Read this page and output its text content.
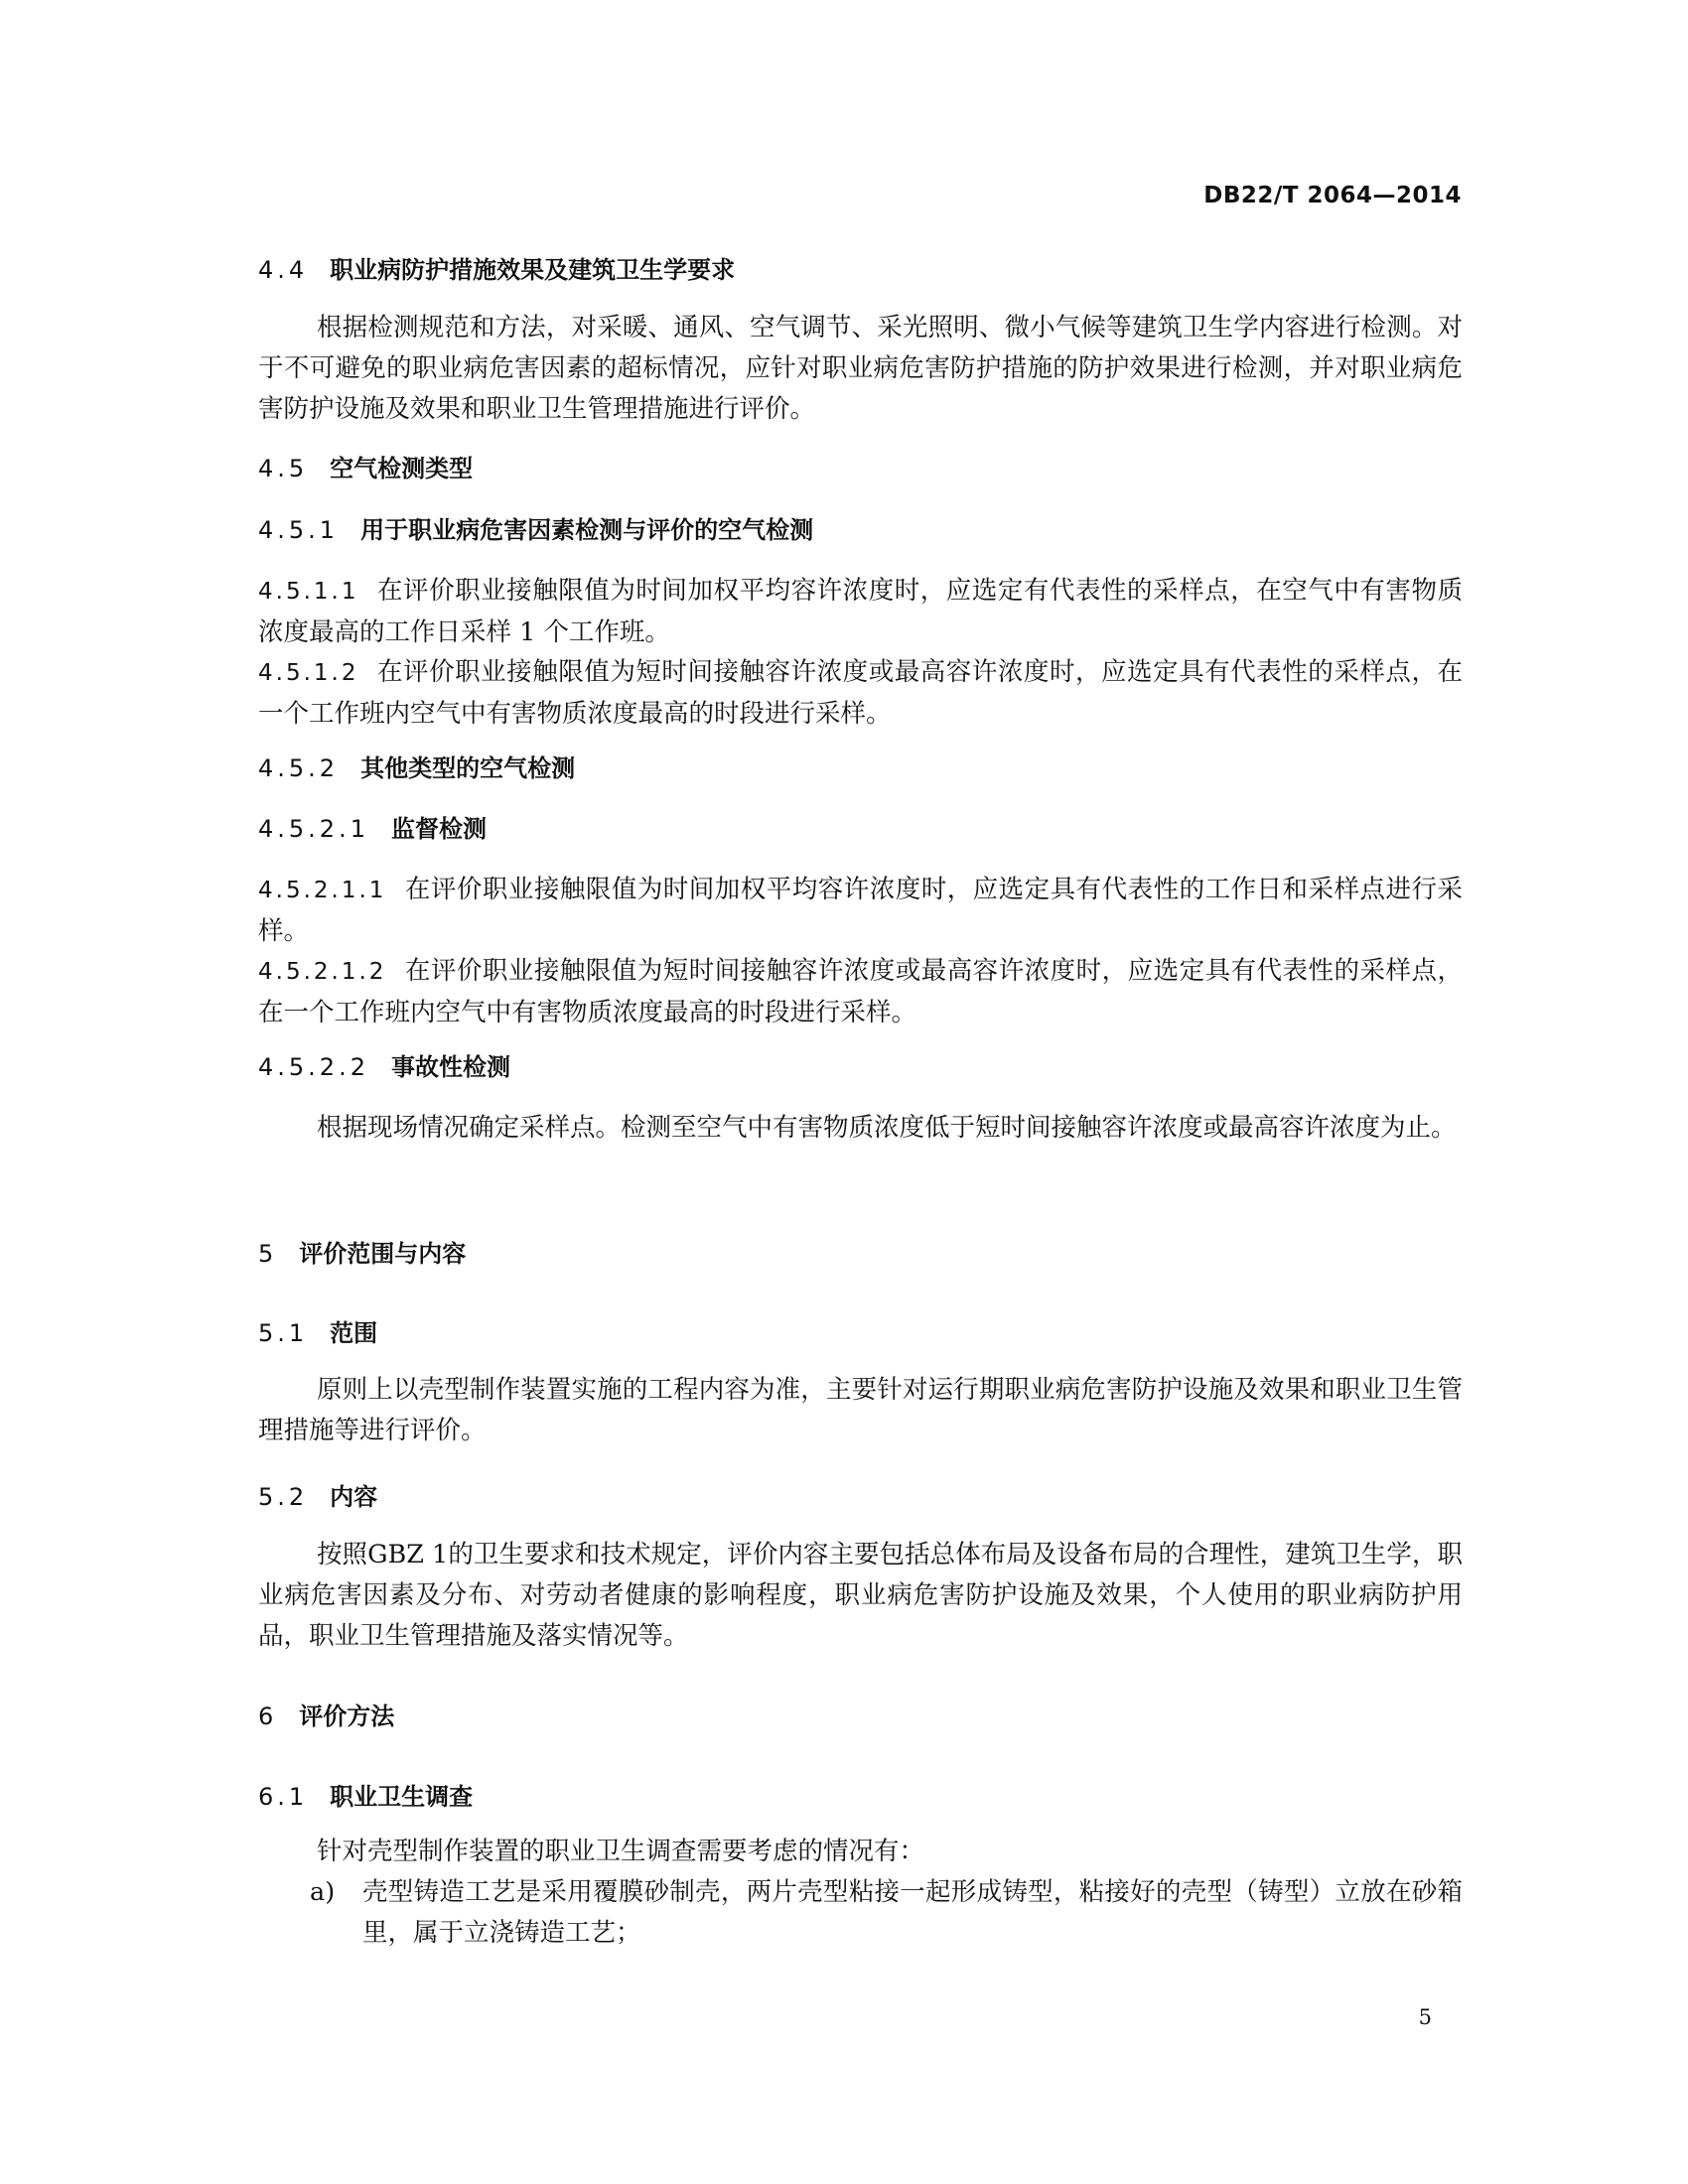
DB22/T 2064—2014
4.4 职业病防护措施效果及建筑卫生学要求
根据检测规范和方法，对采暖、通风、空气调节、采光照明、微小气候等建筑卫生学内容进行检测。对于不可避免的职业病危害因素的超标情况，应针对职业病危害防护措施的防护效果进行检测，并对职业病危害防护设施及效果和职业卫生管理措施进行评价。
4.5 空气检测类型
4.5.1 用于职业病危害因素检测与评价的空气检测
4.5.1.1 在评价职业接触限值为时间加权平均容许浓度时，应选定有代表性的采样点，在空气中有害物质浓度最高的工作日采样 1 个工作班。
4.5.1.2 在评价职业接触限值为短时间接触容许浓度或最高容许浓度时，应选定具有代表性的采样点，在一个工作班内空气中有害物质浓度最高的时段进行采样。
4.5.2 其他类型的空气检测
4.5.2.1 监督检测
4.5.2.1.1 在评价职业接触限值为时间加权平均容许浓度时，应选定具有代表性的工作日和采样点进行采样。
4.5.2.1.2 在评价职业接触限值为短时间接触容许浓度或最高容许浓度时，应选定具有代表性的采样点，在一个工作班内空气中有害物质浓度最高的时段进行采样。
4.5.2.2 事故性检测
根据现场情况确定采样点。检测至空气中有害物质浓度低于短时间接触容许浓度或最高容许浓度为止。
5 评价范围与内容
5.1 范围
原则上以壳型制作装置实施的工程内容为准，主要针对运行期职业病危害防护设施及效果和职业卫生管理措施等进行评价。
5.2 内容
按照GBZ 1的卫生要求和技术规定，评价内容主要包括总体布局及设备布局的合理性，建筑卫生学，职业病危害因素及分布、对劳动者健康的影响程度，职业病危害防护设施及效果，个人使用的职业病防护用品，职业卫生管理措施及落实情况等。
6 评价方法
6.1 职业卫生调查
针对壳型制作装置的职业卫生调查需要考虑的情况有：
a) 壳型铸造工艺是采用覆膜砂制壳，两片壳型粘接一起形成铸型，粘接好的壳型（铸型）立放在砂箱里，属于立浇铸造工艺；
5
